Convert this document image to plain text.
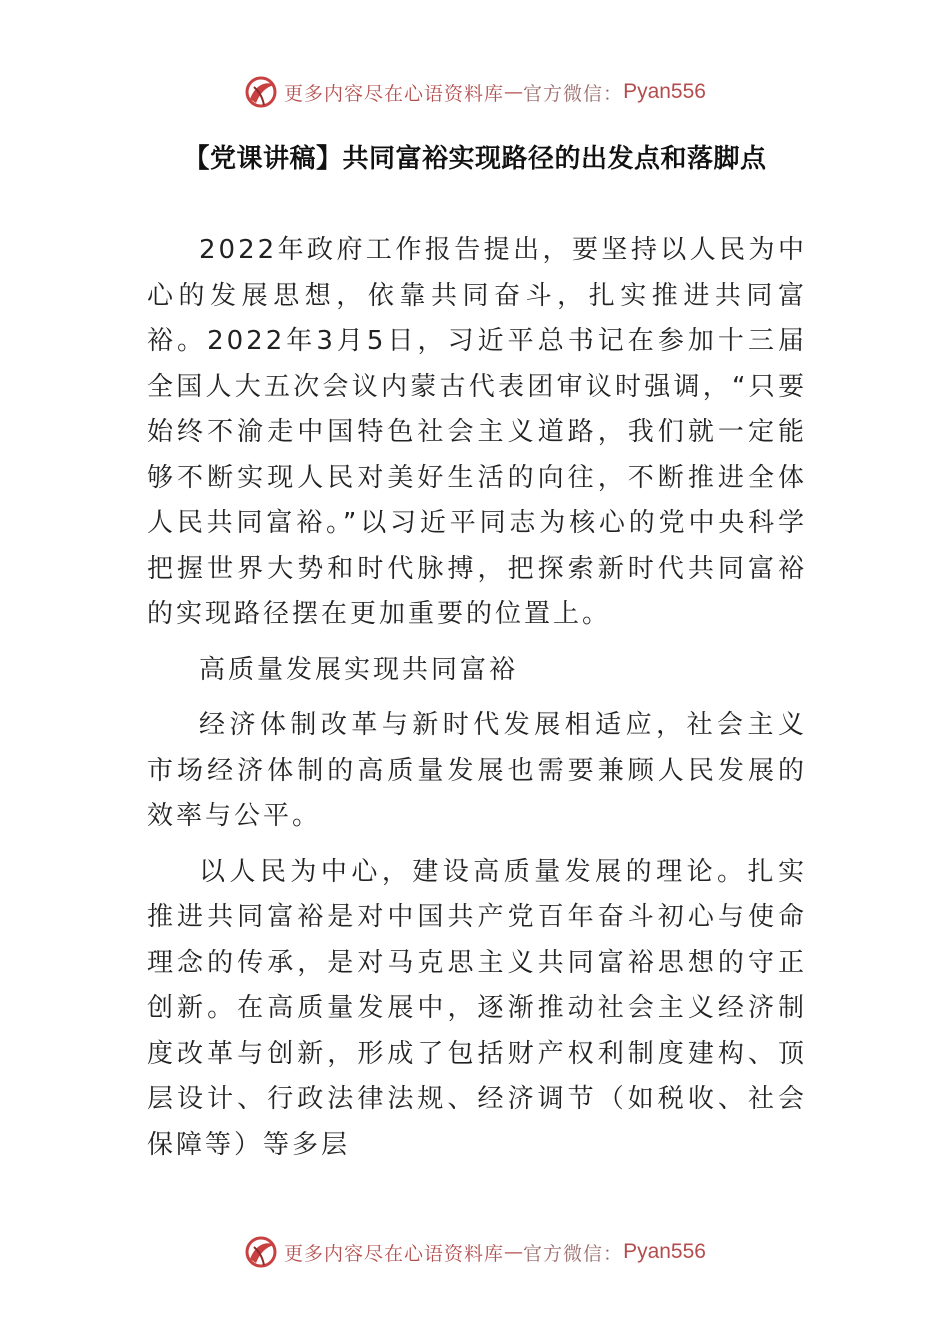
更多内容尽在心语资料库 — 官方微信： Pyan556
【党课讲稿】共同富裕实现路径的出发点和落脚点

2022年政府工作报告提出，要坚持以人民为中心的发展思想，依靠共同奋斗，扎实推进共同富裕。2022年3月5日，习近平总书记在参加十三届全国人大五次会议内蒙古代表团审议时强调，“只要始终不渝走中国特色社会主义道路，我们就一定能够不断实现人民对美好生活的向往，不断推进全体人民共同富裕。”以习近平同志为核心的党中央科学把握世界大势和时代脉搏，把探索新时代共同富裕的实现路径摆在更加重要的位置上。

高质量发展实现共同富裕

经济体制改革与新时代发展相适应，社会主义市场经济体制的高质量发展也需要兼顾人民发展的效率与公平。

以人民为中心，建设高质量发展的理论。扎实推进共同富裕是对中国共产党百年奋斗初心与使命理念的传承，是对马克思主义共同富裕思想的守正创新。在高质量发展中，逐渐推动社会主义经济制度改革与创新，形成了包括财产权利制度建构、顶层设计、行政法律法规、经济调节（如税收、社会保障等）等多层

更多内容尽在心语资料库 — 官方微信： Pyan556
